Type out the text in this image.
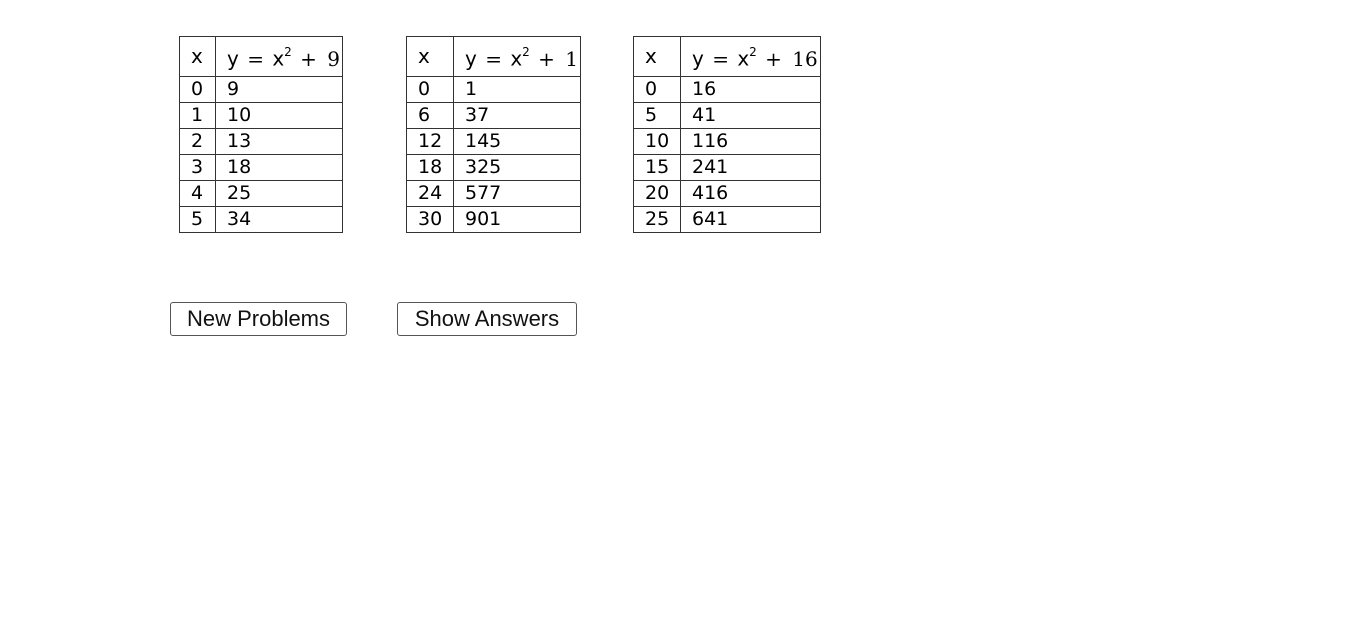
x	$y = x^2 + 9$
0	9
1	10
2	13
3	18
4	25
5	34
x	$y = x^2 + 1$
0	1
6	37
12	145
18	325
24	577
30	901
x	$y = x^2 + 16$
0	16
5	41
10	116
15	241
20	416
25	641
New Problems	Show Answers
